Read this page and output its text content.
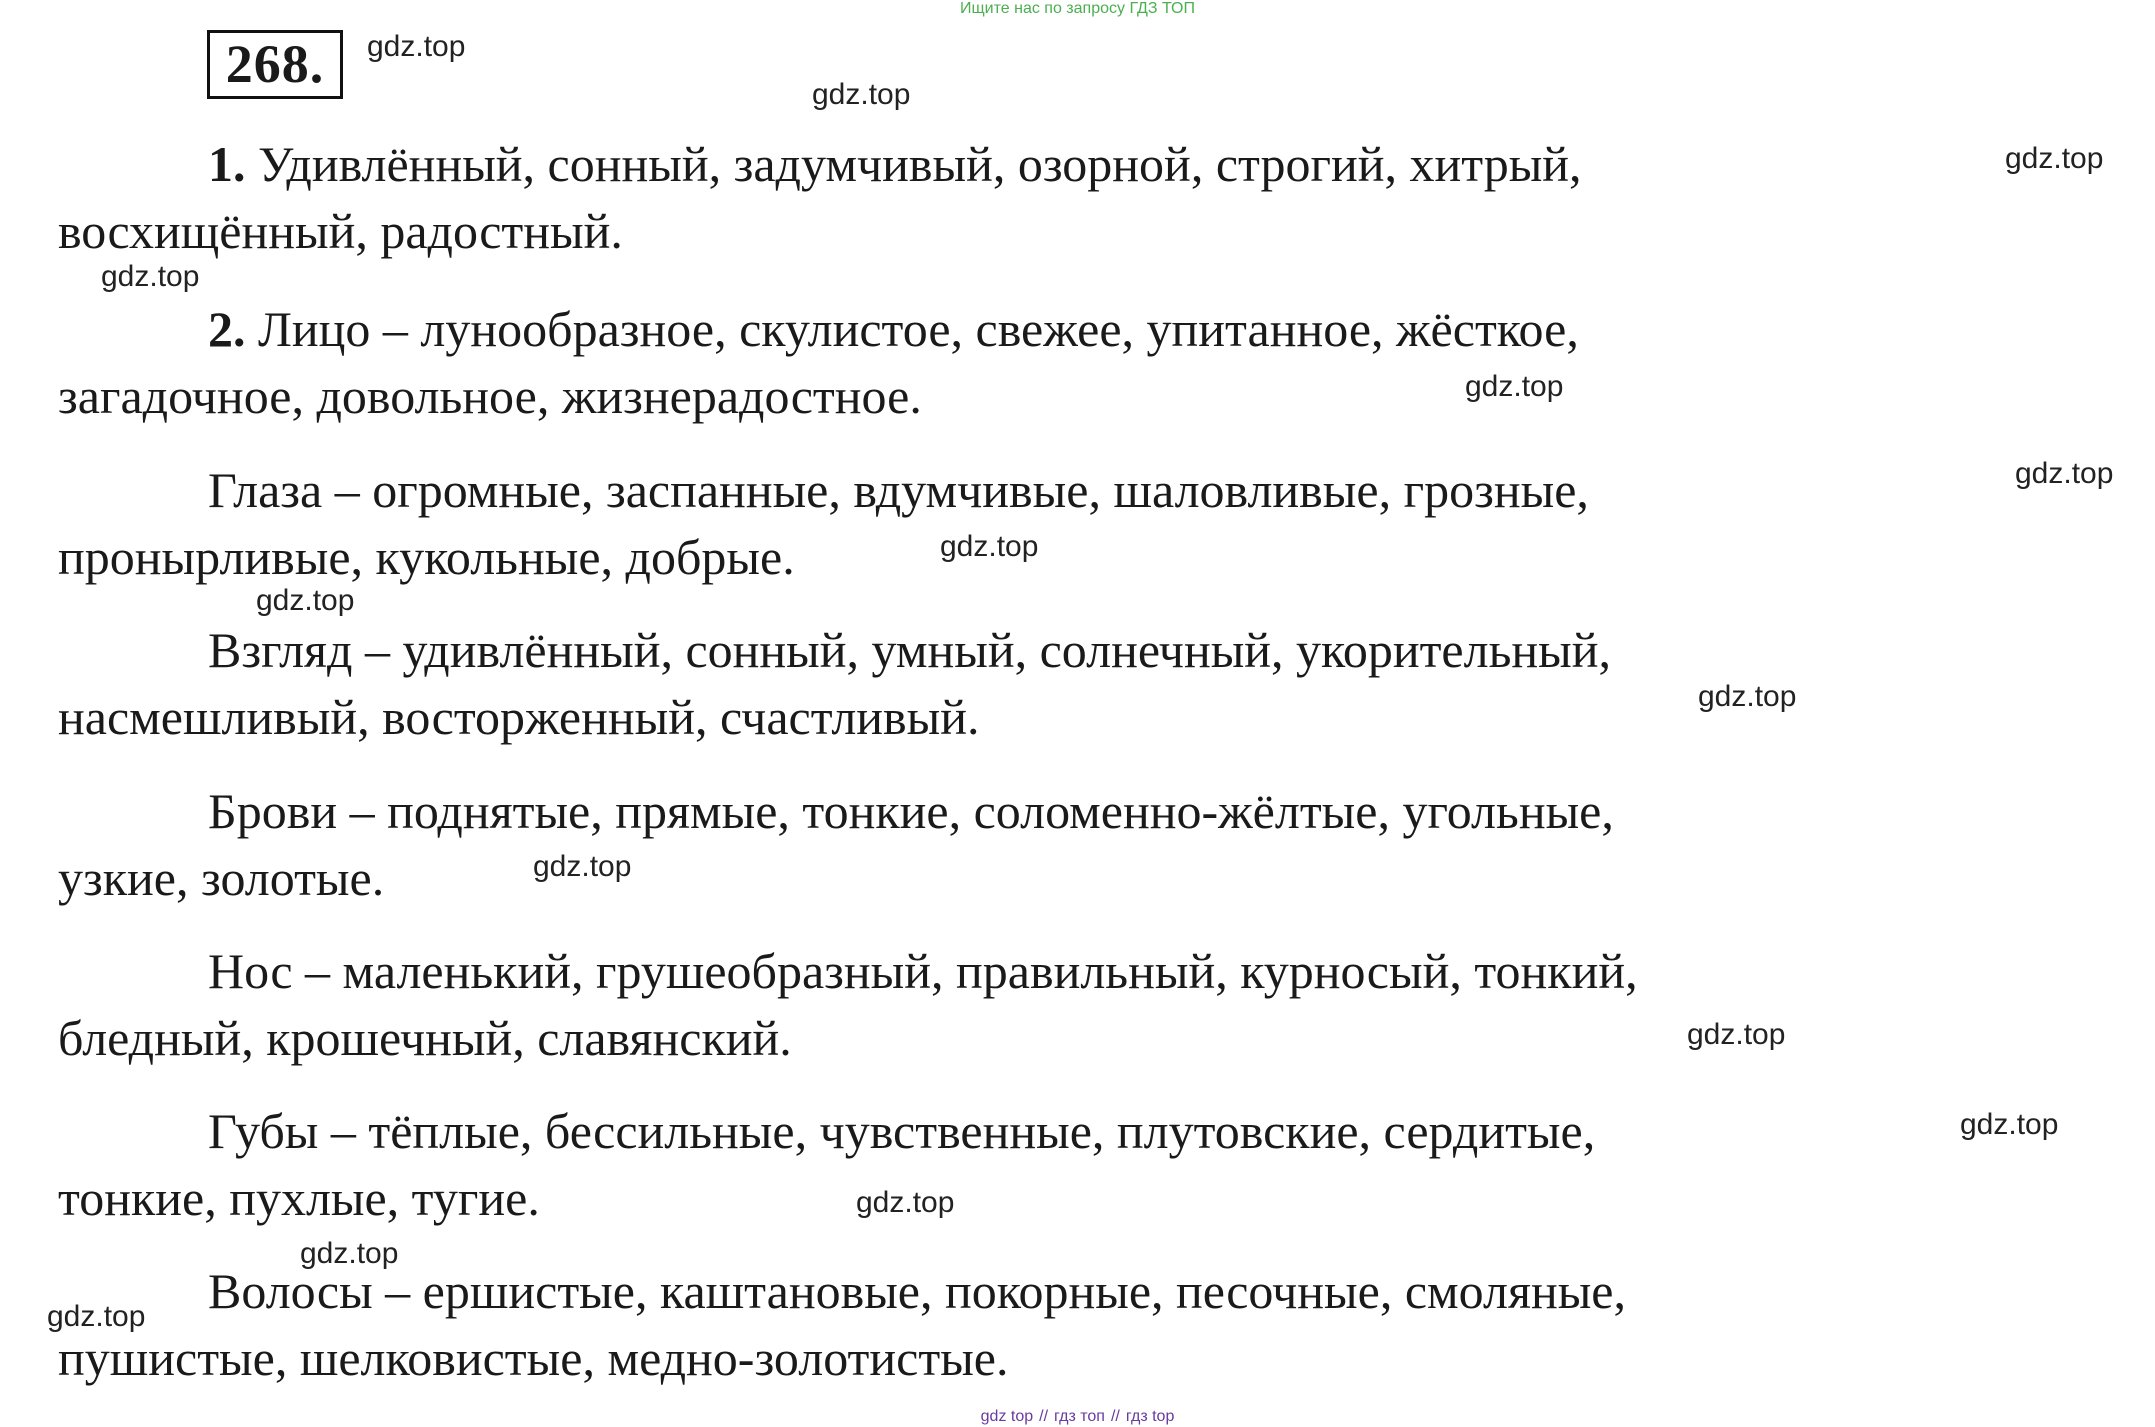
Ищите нас по запросу ГДЗ ТОП
268.
1. Удивлённый, сонный, задумчивый, озорной, строгий, хитрый,
восхищённый, радостный.
2. Лицо – лунообразное, скулистое, свежее, упитанное, жёсткое,
загадочное, довольное, жизнерадостное.
Глаза – огромные, заспанные, вдумчивые, шаловливые, грозные,
пронырливые, кукольные, добрые.
Взгляд – удивлённый, сонный, умный, солнечный, укорительный,
насмешливый, восторженный, счастливый.
Брови – поднятые, прямые, тонкие, соломенно-жёлтые, угольные,
узкие, золотые.
Нос – маленький, грушеобразный, правильный, курносый, тонкий,
бледный, крошечный, славянский.
Губы – тёплые, бессильные, чувственные, плутовские, сердитые,
тонкие, пухлые, тугие.
Волосы – ершистые, каштановые, покорные, песочные, смоляные,
пушистые, шелковистые, медно-золотистые.
gdz.top
gdz.top
gdz.top
gdz.top
gdz.top
gdz.top
gdz.top
gdz.top
gdz.top
gdz.top
gdz.top
gdz.top
gdz.top
gdz.top
gdz.top
gdz top // гдз топ // гдз top
